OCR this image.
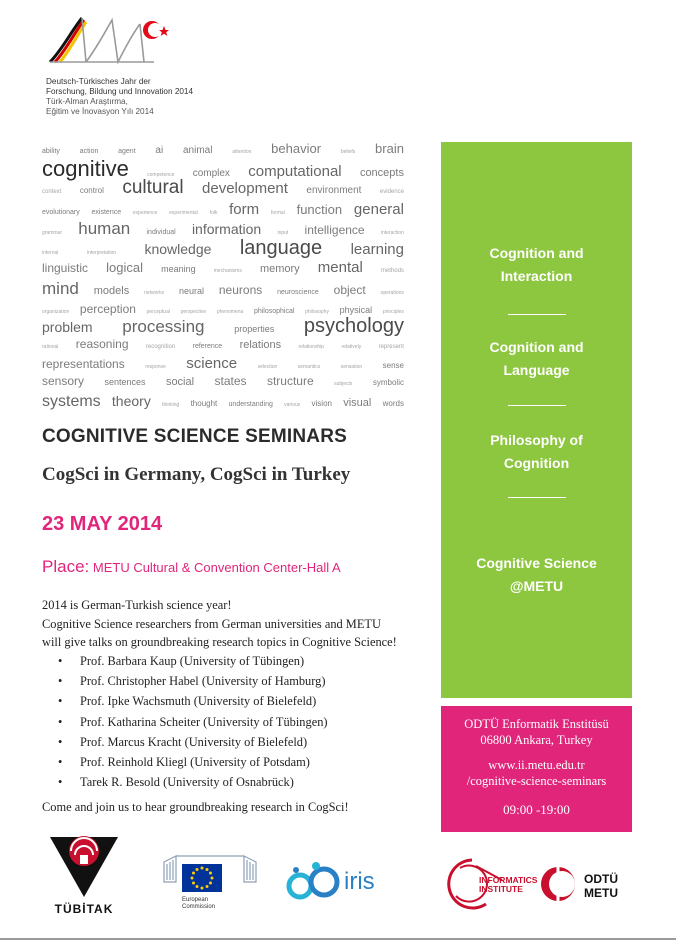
Deutsch-Türkisches Jahr der
Forschung, Bildung und Innovation 2014
Türk-Alman Araştırma,
Eğitim ve İnovasyon Yılı 2014
ability	action	agent ai animal	attention behavior	beliefs brain
cognitive	competence complex computational concepts
context control cultural development environment	evidence
evolutionary existence experience experimental folk form formal function general
grammar human individual information	input intelligence	interaction
internal	interpretation knowledge language learning
linguistic logical meaning	mechanisms memory mental	methods
mind models	networks neural neurons neuroscience object	operations
organization perception perceptual perspective phenomena philosophical philosophy physical principles
problem processing	properties psychology
rational reasoning	recognition reference relations	relationship	relatively	represent
representations	response science	selection	semantics	sensation	sense
sensory sentences social states structure	subjects	symbolic
systems theory thinking thought understanding various vision visual words
COGNITIVE SCIENCE SEMINARS
CogSci in Germany, CogSci in Turkey
23 MAY 2014
Place: METU Cultural & Convention Center-Hall A
2014 is German-Turkish science year!
Cognitive Science researchers from German universities and METU
will give talks on groundbreaking research topics in Cognitive Science!
• Prof. Barbara Kaup (University of Tübingen)
• Prof. Christopher Habel (University of Hamburg)
• Prof. Ipke Wachsmuth (University of Bielefeld)
• Prof. Katharina Scheiter (University of Tübingen)
• Prof. Marcus Kracht (University of Bielefeld)
• Prof. Reinhold Kliegl (University of Potsdam)
• Tarek R. Besold (University of Osnabrück)
Come and join us to hear groundbreaking research in CogSci!
Cognition and
Interaction
Cognition and
Language
Philosophy of
Cognition
Cognitive Science
@METU
ODTÜ Enformatik Enstitüsü
06800 Ankara, Turkey
www.ii.metu.edu.tr
/cognitive-science-seminars
09:00 -19:00
TÜBİTAK
European
Commission
iris	INFORMATICS
INSTITUTE
ODTÜ
METU
